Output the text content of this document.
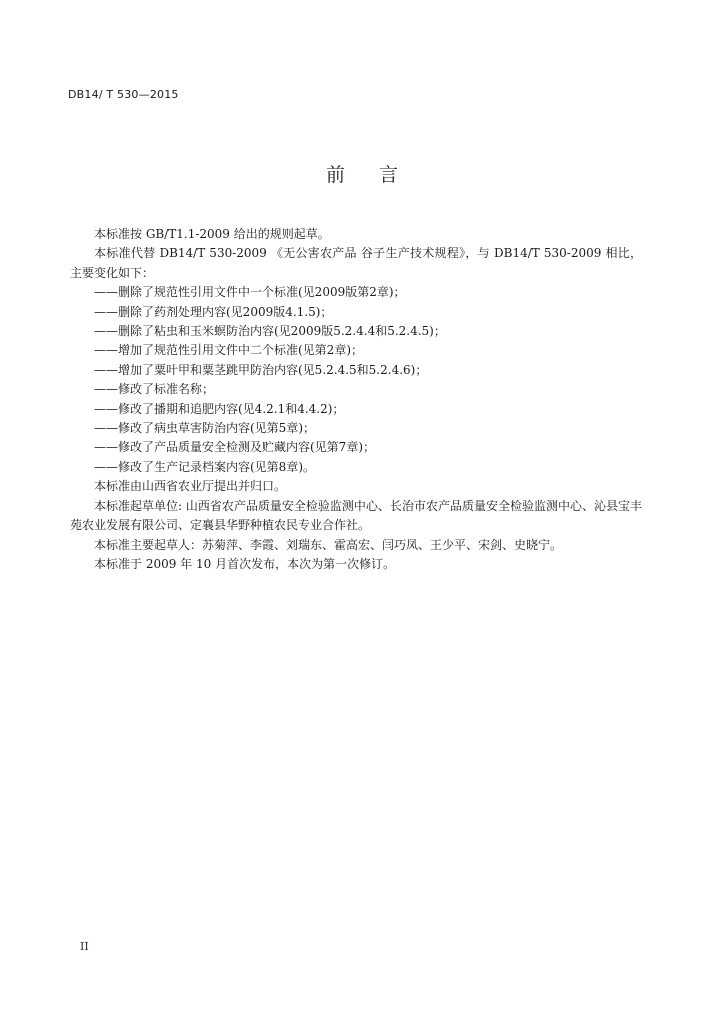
DB14/ T 530—2015
前 言
本标准按 GB/T1.1-2009 给出的规则起草。
本标准代替 DB14/T 530-2009 《无公害农产品 谷子生产技术规程》，与 DB14/T 530-2009 相比，主要变化如下：
——删除了规范性引用文件中一个标准(见2009版第2章)；
——删除了药剂处理内容(见2009版4.1.5)；
——删除了粘虫和玉米螟防治内容(见2009版5.2.4.4和5.2.4.5)；
——增加了规范性引用文件中二个标准(见第2章)；
——增加了粟叶甲和粟茎跳甲防治内容(见5.2.4.5和5.2.4.6)；
——修改了标准名称；
——修改了播期和追肥内容(见4.2.1和4.4.2)；
——修改了病虫草害防治内容(见第5章)；
——修改了产品质量安全检测及贮藏内容(见第7章)；
——修改了生产记录档案内容(见第8章)。
本标准由山西省农业厅提出并归口。
本标准起草单位: 山西省农产品质量安全检验监测中心、长治市农产品质量安全检验监测中心、沁县宝丰苑农业发展有限公司、定襄县华野种植农民专业合作社。
本标准主要起草人：苏菊萍、李霞、刘瑞东、霍高宏、闫巧凤、王少平、宋剑、史晓宁。
本标准于 2009 年 10 月首次发布，本次为第一次修订。
II
